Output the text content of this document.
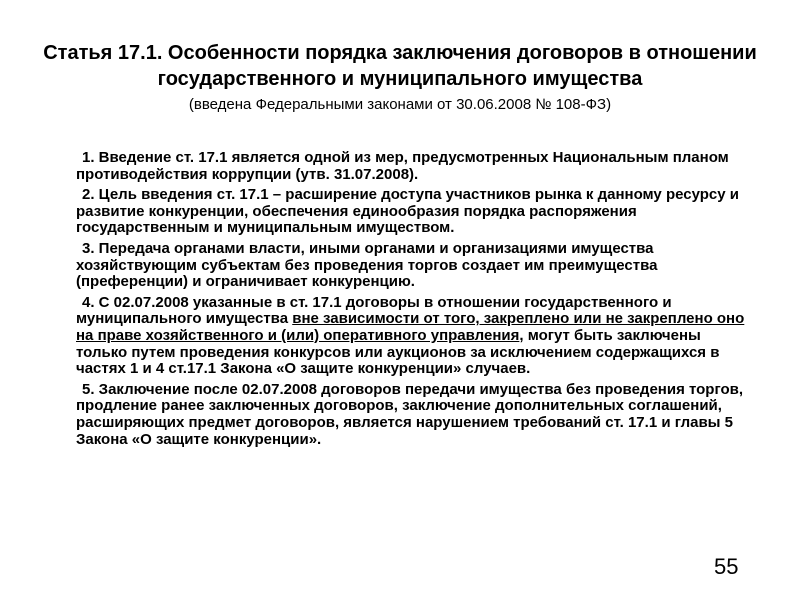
Статья 17.1. Особенности порядка заключения договоров в отношении государственного и муниципального имущества

(введена Федеральными законами от 30.06.2008 № 108-ФЗ)

1. Введение ст. 17.1 является одной из мер, предусмотренных Национальным планом противодействия коррупции (утв. 31.07.2008).

2. Цель введения ст. 17.1 – расширение доступа участников рынка к данному ресурсу и развитие конкуренции, обеспечения единообразия порядка распоряжения государственным и муниципальным имуществом.

3. Передача органами власти, иными органами и организациями имущества хозяйствующим субъектам без проведения торгов создает им преимущества (преференции) и ограничивает конкуренцию.

4. С 02.07.2008 указанные в ст. 17.1 договоры в отношении государственного и муниципального имущества вне зависимости от того, закреплено или не закреплено оно на праве хозяйственного и (или) оперативного управления, могут быть заключены только путем проведения конкурсов или аукционов за исключением содержащихся в частях 1 и 4 ст.17.1 Закона «О защите конкуренции» случаев.

5. Заключение после 02.07.2008 договоров передачи имущества без проведения торгов, продление ранее заключенных договоров, заключение дополнительных соглашений, расширяющих предмет договоров, является нарушением требований ст. 17.1 и главы 5 Закона «О защите конкуренции».

55
